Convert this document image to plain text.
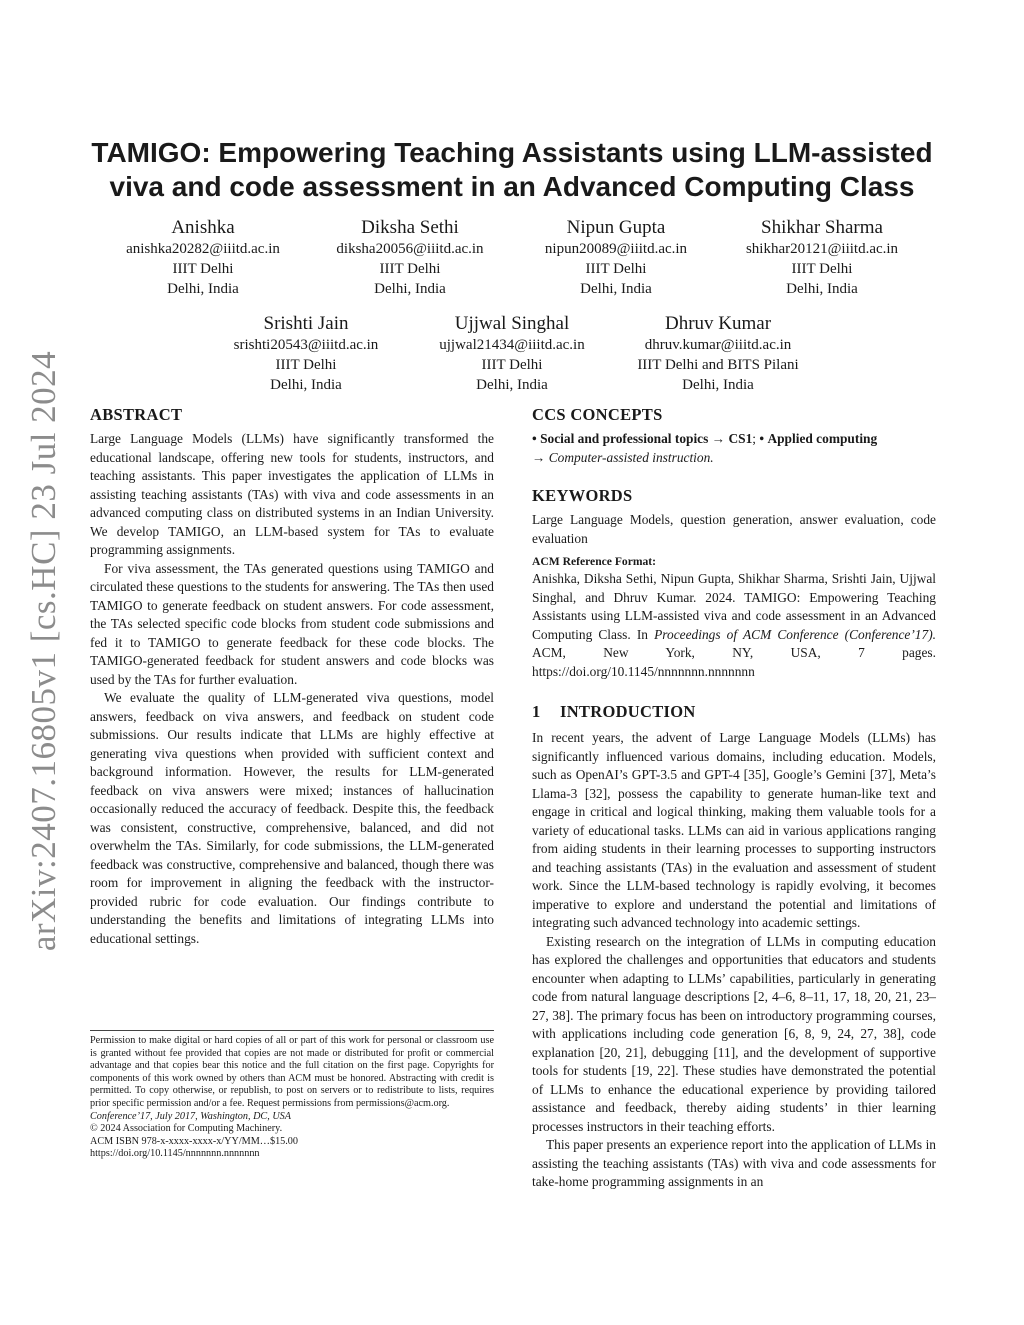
arXiv:2407.16805v1 [cs.HC] 23 Jul 2024
TAMIGO: Empowering Teaching Assistants using LLM-assisted
viva and code assessment in an Advanced Computing Class
Anishka
anishka20282@iiitd.ac.in
IIIT Delhi
Delhi, India
Diksha Sethi
diksha20056@iiitd.ac.in
IIIT Delhi
Delhi, India
Nipun Gupta
nipun20089@iiitd.ac.in
IIIT Delhi
Delhi, India
Shikhar Sharma
shikhar20121@iiitd.ac.in
IIIT Delhi
Delhi, India
Srishti Jain
srishti20543@iiitd.ac.in
IIIT Delhi
Delhi, India
Ujjwal Singhal
ujjwal21434@iiitd.ac.in
IIIT Delhi
Delhi, India
Dhruv Kumar
dhruv.kumar@iiitd.ac.in
IIIT Delhi and BITS Pilani
Delhi, India
ABSTRACT

Large Language Models (LLMs) have significantly transformed the educational landscape, offering new tools for students, instructors, and teaching assistants. This paper investigates the application of LLMs in assisting teaching assistants (TAs) with viva and code assessments in an advanced computing class on distributed systems in an Indian University. We develop TAMIGO, an LLM-based system for TAs to evaluate programming assignments.

For viva assessment, the TAs generated questions using TAMIGO and circulated these questions to the students for answering. The TAs then used TAMIGO to generate feedback on student answers. For code assessment, the TAs selected specific code blocks from student code submissions and fed it to TAMIGO to generate feedback for these code blocks. The TAMIGO-generated feedback for student answers and code blocks was used by the TAs for further evaluation.

We evaluate the quality of LLM-generated viva questions, model answers, feedback on viva answers, and feedback on student code submissions. Our results indicate that LLMs are highly effective at generating viva questions when provided with sufficient context and background information. However, the results for LLM-generated feedback on viva answers were mixed; instances of hallucination occasionally reduced the accuracy of feedback. Despite this, the feedback was consistent, constructive, comprehensive, balanced, and did not overwhelm the TAs. Similarly, for code submissions, the LLM-generated feedback was constructive, comprehensive and balanced, though there was room for improvement in aligning the feedback with the instructor-provided rubric for code evaluation. Our findings contribute to understanding the benefits and limitations of integrating LLMs into educational settings.

Permission to make digital or hard copies of all or part of this work for personal or classroom use is granted without fee provided that copies are not made or distributed for profit or commercial advantage and that copies bear this notice and the full citation on the first page. Copyrights for components of this work owned by others than ACM must be honored. Abstracting with credit is permitted. To copy otherwise, or republish, to post on servers or to redistribute to lists, requires prior specific permission and/or a fee. Request permissions from permissions@acm.org.

Conference’17, July 2017, Washington, DC, USA

© 2024 Association for Computing Machinery.

ACM ISBN 978-x-xxxx-xxxx-x/YY/MM…$15.00

https://doi.org/10.1145/nnnnnnn.nnnnnnn

CCS CONCEPTS

• Social and professional topics → CS1; • Applied computing
→ Computer-assisted instruction.

KEYWORDS

Large Language Models, question generation, answer evaluation, code evaluation

ACM Reference Format:

Anishka, Diksha Sethi, Nipun Gupta, Shikhar Sharma, Srishti Jain, Ujjwal Singhal, and Dhruv Kumar. 2024. TAMIGO: Empowering Teaching Assistants using LLM-assisted viva and code assessment in an Advanced Computing Class. In Proceedings of ACM Conference (Conference’17). ACM, New York, NY, USA, 7 pages. https://doi.org/10.1145/nnnnnnn.nnnnnnn

1 INTRODUCTION

In recent years, the advent of Large Language Models (LLMs) has significantly influenced various domains, including education. Models, such as OpenAI’s GPT-3.5 and GPT-4 [35], Google’s Gemini [37], Meta’s Llama-3 [32], possess the capability to generate human-like text and engage in critical and logical thinking, making them valuable tools for a variety of educational tasks. LLMs can aid in various applications ranging from aiding students in their learning processes to supporting instructors and teaching assistants (TAs) in the evaluation and assessment of student work. Since the LLM-based technology is rapidly evolving, it becomes imperative to explore and understand the potential and limitations of integrating such advanced technology into academic settings.

Existing research on the integration of LLMs in computing education has explored the challenges and opportunities that educators and students encounter when adapting to LLMs’ capabilities, particularly in generating code from natural language descriptions [2, 4–6, 8–11, 17, 18, 20, 21, 23–27, 38]. The primary focus has been on introductory programming courses, with applications including code generation [6, 8, 9, 24, 27, 38], code explanation [20, 21], debugging [11], and the development of supportive tools for students [19, 22]. These studies have demonstrated the potential of LLMs to enhance the educational experience by providing tailored assistance and feedback, thereby aiding students’ in thier learning processes instructors in their teaching efforts.

This paper presents an experience report into the application of LLMs in assisting the teaching assistants (TAs) with viva and code assessments for take-home programming assignments in an
